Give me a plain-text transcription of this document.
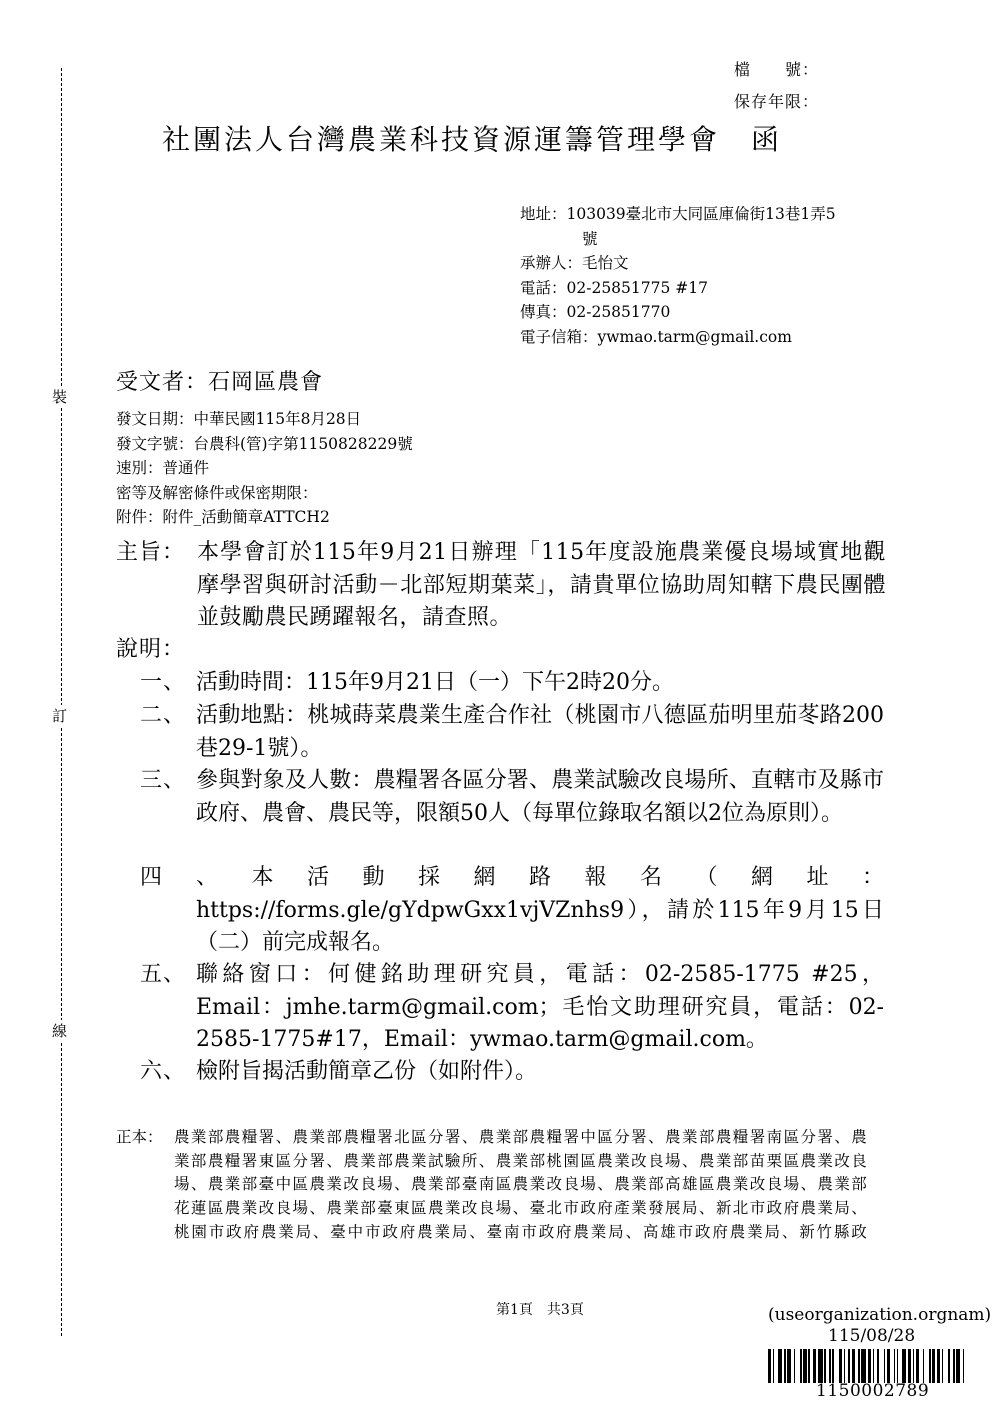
裝
訂
線
檔　　號：
保存年限：
社團法人台灣農業科技資源運籌管理學會　函
地址：103039臺北市大同區庫倫街13巷1弄5
號
承辦人：毛怡文
電話：02-25851775 #17
傳真：02-25851770
電子信箱：ywmao.tarm@gmail.com
受文者：石岡區農會
發文日期：中華民國115年8月28日
發文字號：台農科(管)字第1150828229號
速別：普通件
密等及解密條件或保密期限：
附件：附件_活動簡章ATTCH2
主旨： 本學會訂於115年9月21日辦理「115年度設施農業優良場域實地觀摩學習與研討活動－北部短期葉菜」，請貴單位協助周知轄下農民團體並鼓勵農民踴躍報名，請查照。
說明：
一、 活動時間：115年9月21日（一）下午2時20分。
二、 活動地點：桃城蒔菜農業生產合作社（桃園市八德區茄明里茄苳路200巷29-1號）。
三、 參與對象及人數：農糧署各區分署、農業試驗改良場所、直轄市及縣市政府、農會、農民等，限額50人（每單位錄取名額以2位為原則）。
四	、本活動採網路報名（網址：
https://forms.gle/gYdpwGxx1vjVZnhs9），請於115年9月15日（二）前完成報名。
五、 聯絡窗口：何健銘助理研究員，電話：02-2585-1775 #25，Email：jmhe.tarm@gmail.com；毛怡文助理研究員，電話：02-2585-1775#17，Email：ywmao.tarm@gmail.com。
六、 檢附旨揭活動簡章乙份（如附件）。
正本： 農業部農糧署、農業部農糧署北區分署、農業部農糧署中區分署、農業部農糧署南區分署、農業部農糧署東區分署、農業部農業試驗所、農業部桃園區農業改良場、農業部苗栗區農業改良場、農業部臺中區農業改良場、農業部臺南區農業改良場、農業部高雄區農業改良場、農業部花蓮區農業改良場、農業部臺東區農業改良場、臺北市政府產業發展局、新北市政府農業局、桃園市政府農業局、臺中市政府農業局、臺南市政府農業局、高雄市政府農業局、新竹縣政
第1頁　共3頁	(useorganization.orgnam)
115/08/28
1150002789
